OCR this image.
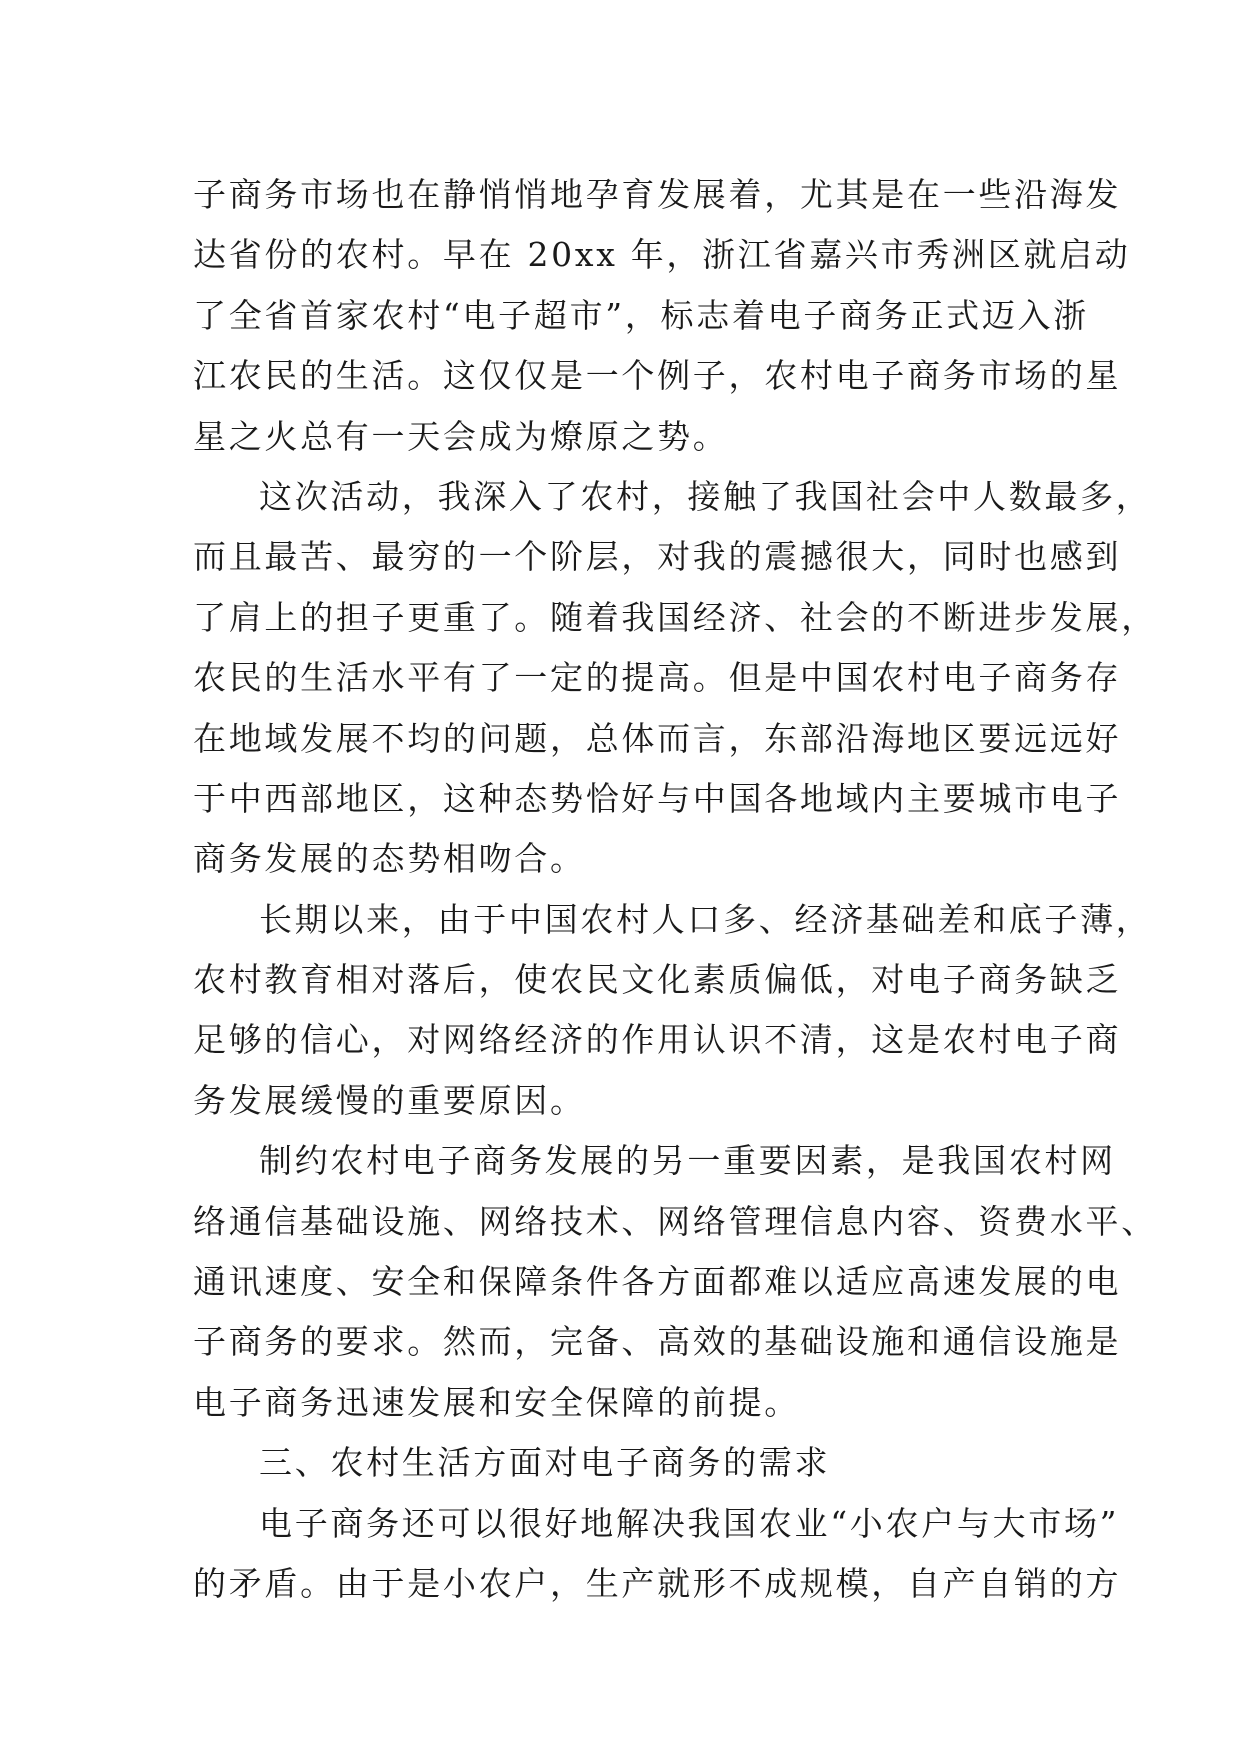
子商务市场也在静悄悄地孕育发展着，尤其是在一些沿海发
达省份的农村。早在 20xx 年，浙江省嘉兴市秀洲区就启动
了全省首家农村“电子超市”，标志着电子商务正式迈入浙
江农民的生活。这仅仅是一个例子，农村电子商务市场的星
星之火总有一天会成为燎原之势。
这次活动，我深入了农村，接触了我国社会中人数最多，
而且最苦、最穷的一个阶层，对我的震撼很大，同时也感到
了肩上的担子更重了。随着我国经济、社会的不断进步发展，
农民的生活水平有了一定的提高。但是中国农村电子商务存
在地域发展不均的问题，总体而言，东部沿海地区要远远好
于中西部地区，这种态势恰好与中国各地域内主要城市电子
商务发展的态势相吻合。
长期以来，由于中国农村人口多、经济基础差和底子薄，
农村教育相对落后，使农民文化素质偏低，对电子商务缺乏
足够的信心，对网络经济的作用认识不清，这是农村电子商
务发展缓慢的重要原因。
制约农村电子商务发展的另一重要因素，是我国农村网
络通信基础设施、网络技术、网络管理信息内容、资费水平、
通讯速度、安全和保障条件各方面都难以适应高速发展的电
子商务的要求。然而，完备、高效的基础设施和通信设施是
电子商务迅速发展和安全保障的前提。
三、农村生活方面对电子商务的需求
电子商务还可以很好地解决我国农业“小农户与大市场”
的矛盾。由于是小农户，生产就形不成规模，自产自销的方
